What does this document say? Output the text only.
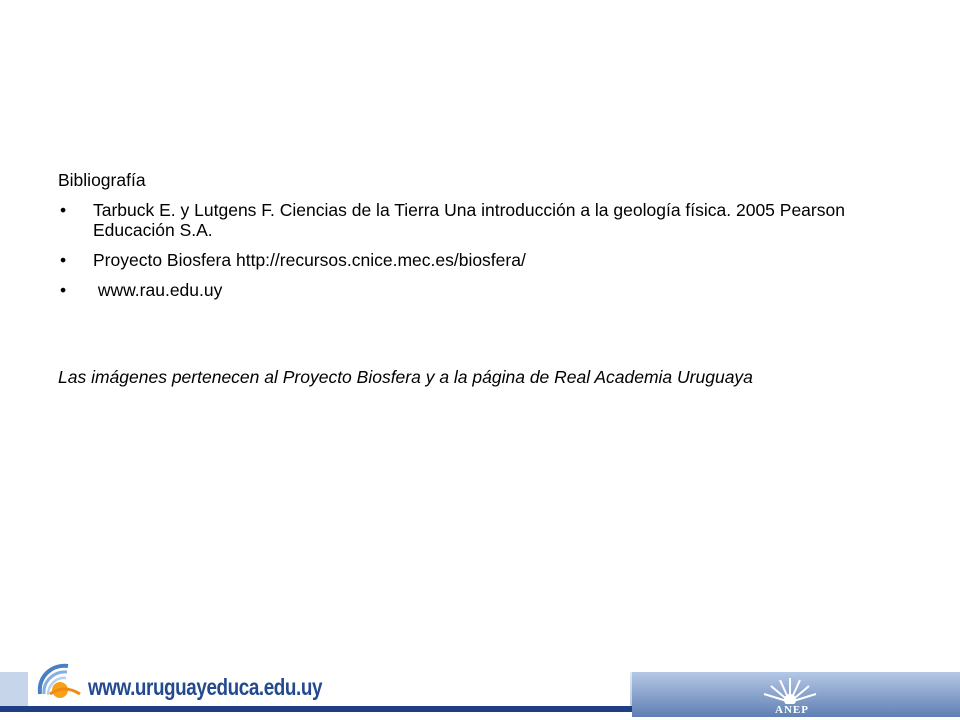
Bibliografía
• Tarbuck E. y Lutgens F. Ciencias de la Tierra Una introducción a la geología física. 2005 Pearson Educación S.A.
• Proyecto Biosfera http://recursos.cnice.mec.es/biosfera/
• www.rau.edu.uy
Las imágenes pertenecen al Proyecto Biosfera y a la página de Real Academia Uruguaya
www.uruguayeduca.edu.uy
ANEP
